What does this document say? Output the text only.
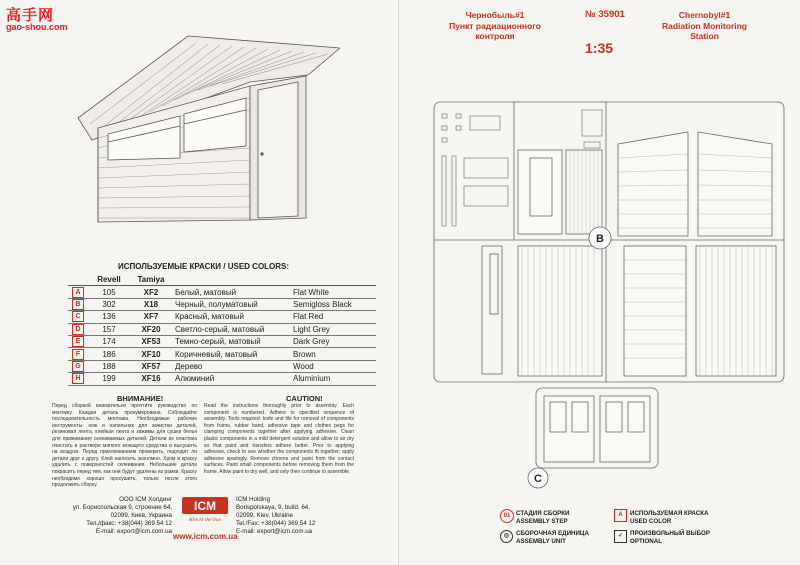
高手网
gao-shou.com
ИСПОЛЬЗУЕМЫЕ КРАСКИ / USED COLORS:
	Revell	Tamiya		
A	105	XF2	Белый, матовый	Flat White
B	302	X18	Черный, полуматовый	Semigloss Black
C	136	XF7	Красный, матовый	Flat Red
D	157	XF20	Светло-серый, матовый	Light Grey
E	174	XF53	Темно-серый, матовый	Dark Grey
F	186	XF10	Коричневый, матовый	Brown
G	188	XF57	Дерево	Wood
H	199	XF16	Алюминий	Aluminium
ВНИМАНИЕ!	CAUTION!
Перед сборкой внимательно прочтите руководство по монтажу. Каждая деталь пронумерована. Соблюдайте последовательность монтажа. Необходимые рабочие инструменты: нож и напильник для зачистки деталей, резиновая лента, клейкая лента и зажимы для сушки белья для прижимания склеиваемых деталей. Детали из пластика очистить в растворе мягкого моющего средства и высушить на воздухе. Перед приклеиванием проверить, подходят ли детали друг к другу. Клей наносить экономно. Хром и краску удалить с поверхностей склеивания. Небольшие детали покрасить перед тем, как они будут удалены из рамки. Краску необходимо хорошо просушить, только после этого продолжить сборку.
Read the instructions thoroughly prior to assembly. Each component is numbered. Adhere to specified sequence of assembly. Tools required: knife and file for removal of components from frame, rubber band, adhesive tape and clothes pegs for clamping components together after applying adhesive. Clean plastic components in a mild detergent solution and allow to air dry so that paint and transfers adhere better. Prior to applying adhesive, check to see whether the components fit together; apply adhesive sparingly. Remove chrome and paint from the contact surfaces. Paint small components before removing them from the frame. Allow paint to dry well, and only then continue to assemble.
ООО ICM Холдинг
ул. Бориспольская 9, строение 64,
02099, Киев, Украина
Тел./факс: +38(044) 369 54 12
E-mail: export@icm.com.ua
ICM
Kits in the box
ICM Holding
Borispolskaya, 9, build. 64,
02099, Kiev, Ukraine
Tel./Fax: +38(044) 369 54 12
E-mail: export@icm.com.ua
www.icm.com.ua
Чернобыль#1
Пункт радиационного
контроля
№ 35901
1:35
Chernobyl#1
Radiation Monitoring
Station
B
C
01 СТАДИЯ СБОРКИ
ASSEMBLY STEP
◎	СБОРОЧНАЯ ЕДИНИЦА
ASSEMBLY UNIT
A	ИСПОЛЬЗУЕМАЯ КРАСКА
USED COLOR
✓	ПРОИЗВОЛЬНЫЙ ВЫБОР
OPTIONAL
